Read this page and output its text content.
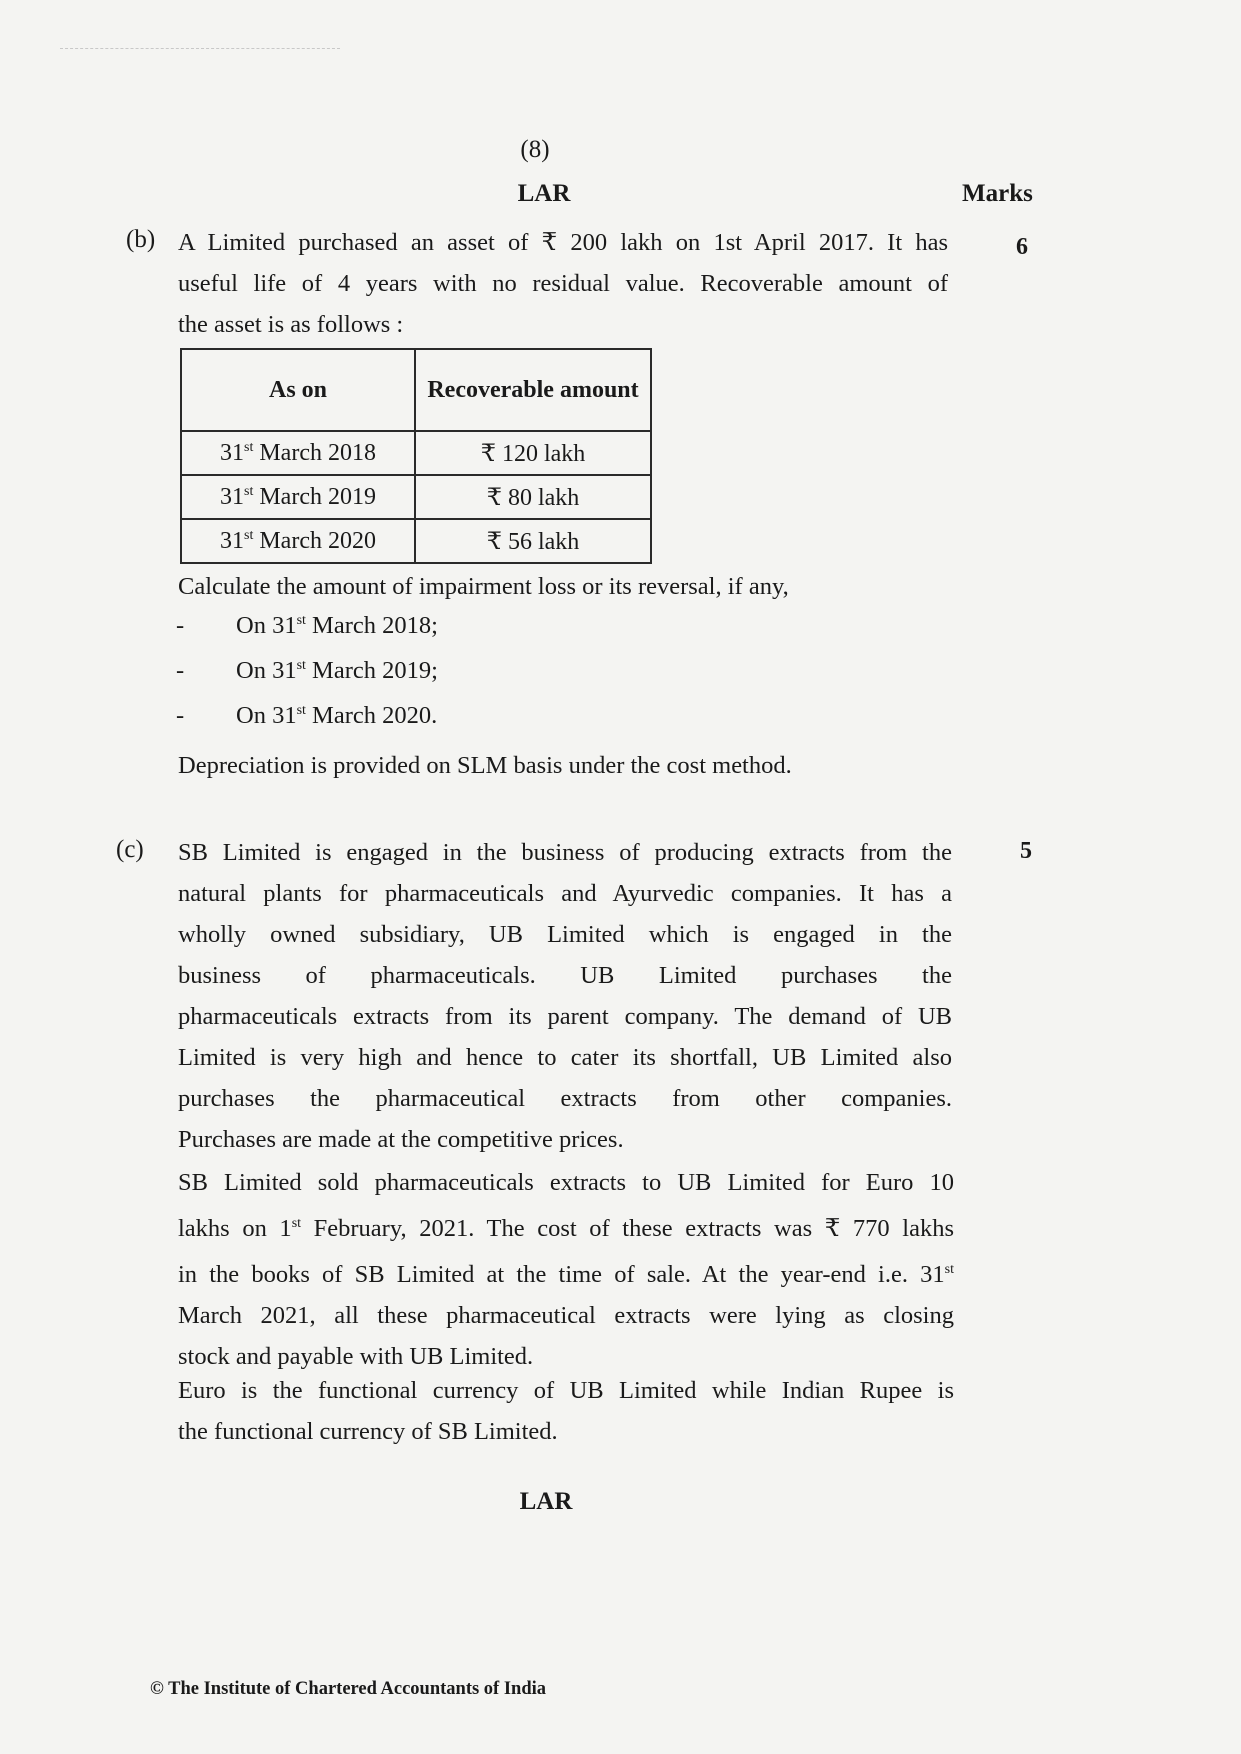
(8)
LAR	Marks
(b)	6
A Limited purchased an asset of ₹ 200 lakh on 1st April 2017. It has
useful life of 4 years with no residual value. Recoverable amount of
the asset is as follows :
As on	Recoverable amount
31st March 2018	₹ 120 lakh
31st March 2019	₹ 80 lakh
31st March 2020	₹ 56 lakh
Calculate the amount of impairment loss or its reversal, if any,
- On 31st March 2018;
- On 31st March 2019;
- On 31st March 2020.
Depreciation is provided on SLM basis under the cost method.
(c)	5
SB Limited is engaged in the business of producing extracts from the
natural plants for pharmaceuticals and Ayurvedic companies. It has a
wholly owned subsidiary, UB Limited which is engaged in the
business of pharmaceuticals. UB Limited purchases the
pharmaceuticals extracts from its parent company. The demand of UB
Limited is very high and hence to cater its shortfall, UB Limited also
purchases the pharmaceutical extracts from other companies.
Purchases are made at the competitive prices.
SB Limited sold pharmaceuticals extracts to UB Limited for Euro 10
lakhs on 1st February, 2021. The cost of these extracts was ₹ 770 lakhs
in the books of SB Limited at the time of sale. At the year-end i.e. 31st
March 2021, all these pharmaceutical extracts were lying as closing
stock and payable with UB Limited.
Euro is the functional currency of UB Limited while Indian Rupee is
the functional currency of SB Limited.
LAR
© The Institute of Chartered Accountants of India
